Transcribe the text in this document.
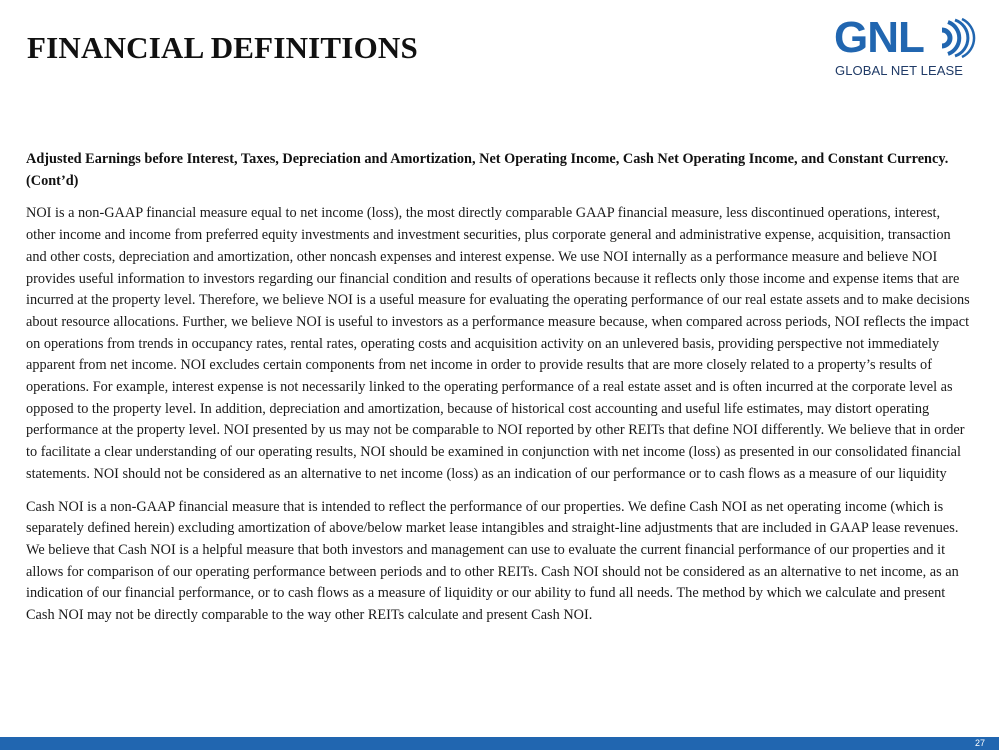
FINANCIAL DEFINITIONS	GNL
GLOBAL NET LEASE

Adjusted Earnings before Interest, Taxes, Depreciation and Amortization, Net Operating Income, Cash Net Operating Income, and Constant Currency. (Cont’d)

NOI is a non-GAAP financial measure equal to net income (loss), the most directly comparable GAAP financial measure, less discontinued operations, interest, other income and income from preferred equity investments and investment securities, plus corporate general and administrative expense, acquisition, transaction and other costs, depreciation and amortization, other noncash expenses and interest expense. We use NOI internally as a performance measure and believe NOI provides useful information to investors regarding our financial condition and results of operations because it reflects only those income and expense items that are incurred at the property level. Therefore, we believe NOI is a useful measure for evaluating the operating performance of our real estate assets and to make decisions about resource allocations. Further, we believe NOI is useful to investors as a performance measure because, when compared across periods, NOI reflects the impact on operations from trends in occupancy rates, rental rates, operating costs and acquisition activity on an unlevered basis, providing perspective not immediately apparent from net income. NOI excludes certain components from net income in order to provide results that are more closely related to a property’s results of operations. For example, interest expense is not necessarily linked to the operating performance of a real estate asset and is often incurred at the corporate level as opposed to the property level. In addition, depreciation and amortization, because of historical cost accounting and useful life estimates, may distort operating performance at the property level. NOI presented by us may not be comparable to NOI reported by other REITs that define NOI differently. We believe that in order to facilitate a clear understanding of our operating results, NOI should be examined in conjunction with net income (loss) as presented in our consolidated financial statements. NOI should not be considered as an alternative to net income (loss) as an indication of our performance or to cash flows as a measure of our liquidity

Cash NOI is a non-GAAP financial measure that is intended to reflect the performance of our properties. We define Cash NOI as net operating income (which is separately defined herein) excluding amortization of above/below market lease intangibles and straight-line adjustments that are included in GAAP lease revenues. We believe that Cash NOI is a helpful measure that both investors and management can use to evaluate the current financial performance of our properties and it allows for comparison of our operating performance between periods and to other REITs. Cash NOI should not be considered as an alternative to net income, as an indication of our financial performance, or to cash flows as a measure of liquidity or our ability to fund all needs. The method by which we calculate and present Cash NOI may not be directly comparable to the way other REITs calculate and present Cash NOI.

27
